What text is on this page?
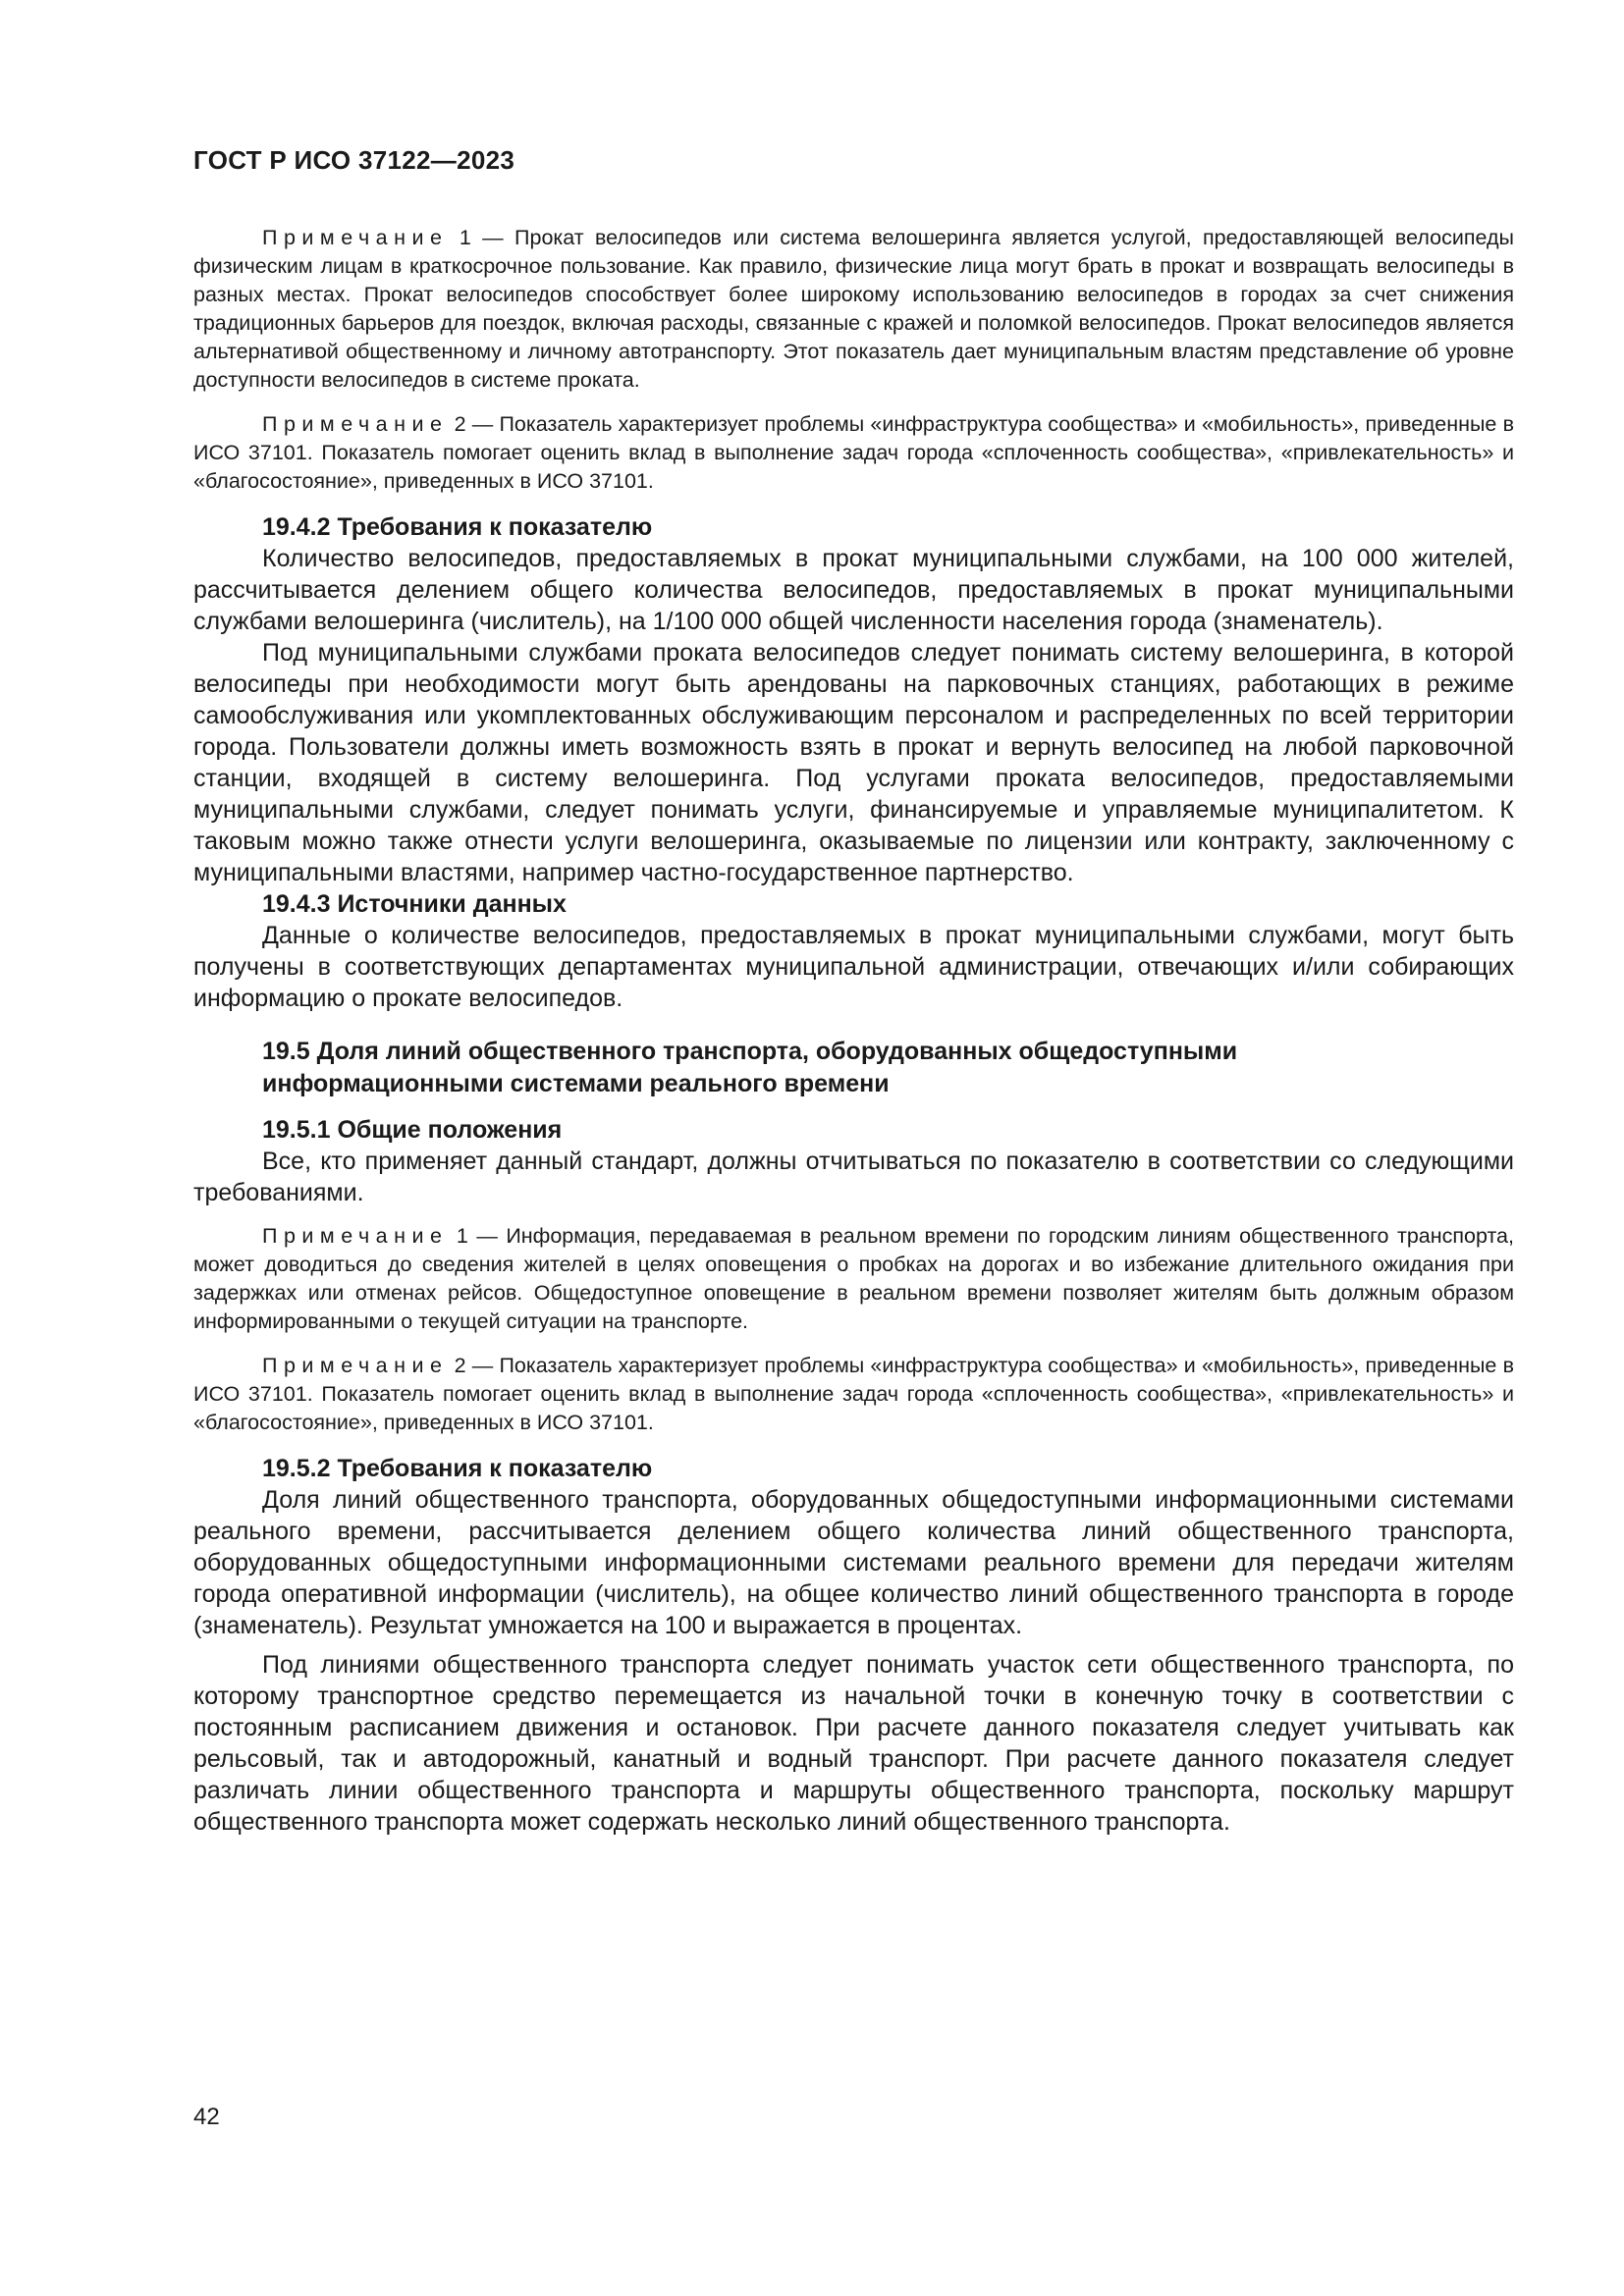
ГОСТ Р ИСО 37122—2023

Примечание 1 — Прокат велосипедов или система велошеринга является услугой, предоставляющей велосипеды физическим лицам в краткосрочное пользование. Как правило, физические лица могут брать в прокат и возвращать велосипеды в разных местах. Прокат велосипедов способствует более широкому использованию велосипедов в городах за счет снижения традиционных барьеров для поездок, включая расходы, связанные с кражей и поломкой велосипедов. Прокат велосипедов является альтернативой общественному и личному автотранспорту. Этот показатель дает муниципальным властям представление об уровне доступности велосипедов в системе проката.

Примечание 2 — Показатель характеризует проблемы «инфраструктура сообщества» и «мобильность», приведенные в ИСО 37101. Показатель помогает оценить вклад в выполнение задач города «сплоченность сообщества», «привлекательность» и «благосостояние», приведенных в ИСО 37101.

19.4.2 Требования к показателю

Количество велосипедов, предоставляемых в прокат муниципальными службами, на 100 000 жителей, рассчитывается делением общего количества велосипедов, предоставляемых в прокат муниципальными службами велошеринга (числитель), на 1/100 000 общей численности населения города (знаменатель).

Под муниципальными службами проката велосипедов следует понимать систему велошеринга, в которой велосипеды при необходимости могут быть арендованы на парковочных станциях, работающих в режиме самообслуживания или укомплектованных обслуживающим персоналом и распределенных по всей территории города. Пользователи должны иметь возможность взять в прокат и вернуть велосипед на любой парковочной станции, входящей в систему велошеринга. Под услугами проката велосипедов, предоставляемыми муниципальными службами, следует понимать услуги, финансируемые и управляемые муниципалитетом. К таковым можно также отнести услуги велошеринга, оказываемые по лицензии или контракту, заключенному с муниципальными властями, например частно-государственное партнерство.

19.4.3 Источники данных

Данные о количестве велосипедов, предоставляемых в прокат муниципальными службами, могут быть получены в соответствующих департаментах муниципальной администрации, отвечающих и/или собирающих информацию о прокате велосипедов.

19.5 Доля линий общественного транспорта, оборудованных общедоступными
информационными системами реального времени

19.5.1 Общие положения

Все, кто применяет данный стандарт, должны отчитываться по показателю в соответствии со следующими требованиями.

Примечание 1 — Информация, передаваемая в реальном времени по городским линиям общественного транспорта, может доводиться до сведения жителей в целях оповещения о пробках на дорогах и во избежание длительного ожидания при задержках или отменах рейсов. Общедоступное оповещение в реальном времени позволяет жителям быть должным образом информированными о текущей ситуации на транспорте.

Примечание 2 — Показатель характеризует проблемы «инфраструктура сообщества» и «мобильность», приведенные в ИСО 37101. Показатель помогает оценить вклад в выполнение задач города «сплоченность сообщества», «привлекательность» и «благосостояние», приведенных в ИСО 37101.

19.5.2 Требования к показателю

Доля линий общественного транспорта, оборудованных общедоступными информационными системами реального времени, рассчитывается делением общего количества линий общественного транспорта, оборудованных общедоступными информационными системами реального времени для передачи жителям города оперативной информации (числитель), на общее количество линий общественного транспорта в городе (знаменатель). Результат умножается на 100 и выражается в процентах.

Под линиями общественного транспорта следует понимать участок сети общественного транспорта, по которому транспортное средство перемещается из начальной точки в конечную точку в соответствии с постоянным расписанием движения и остановок. При расчете данного показателя следует учитывать как рельсовый, так и автодорожный, канатный и водный транспорт. При расчете данного показателя следует различать линии общественного транспорта и маршруты общественного транспорта, поскольку маршрут общественного транспорта может содержать несколько линий общественного транспорта.

42
